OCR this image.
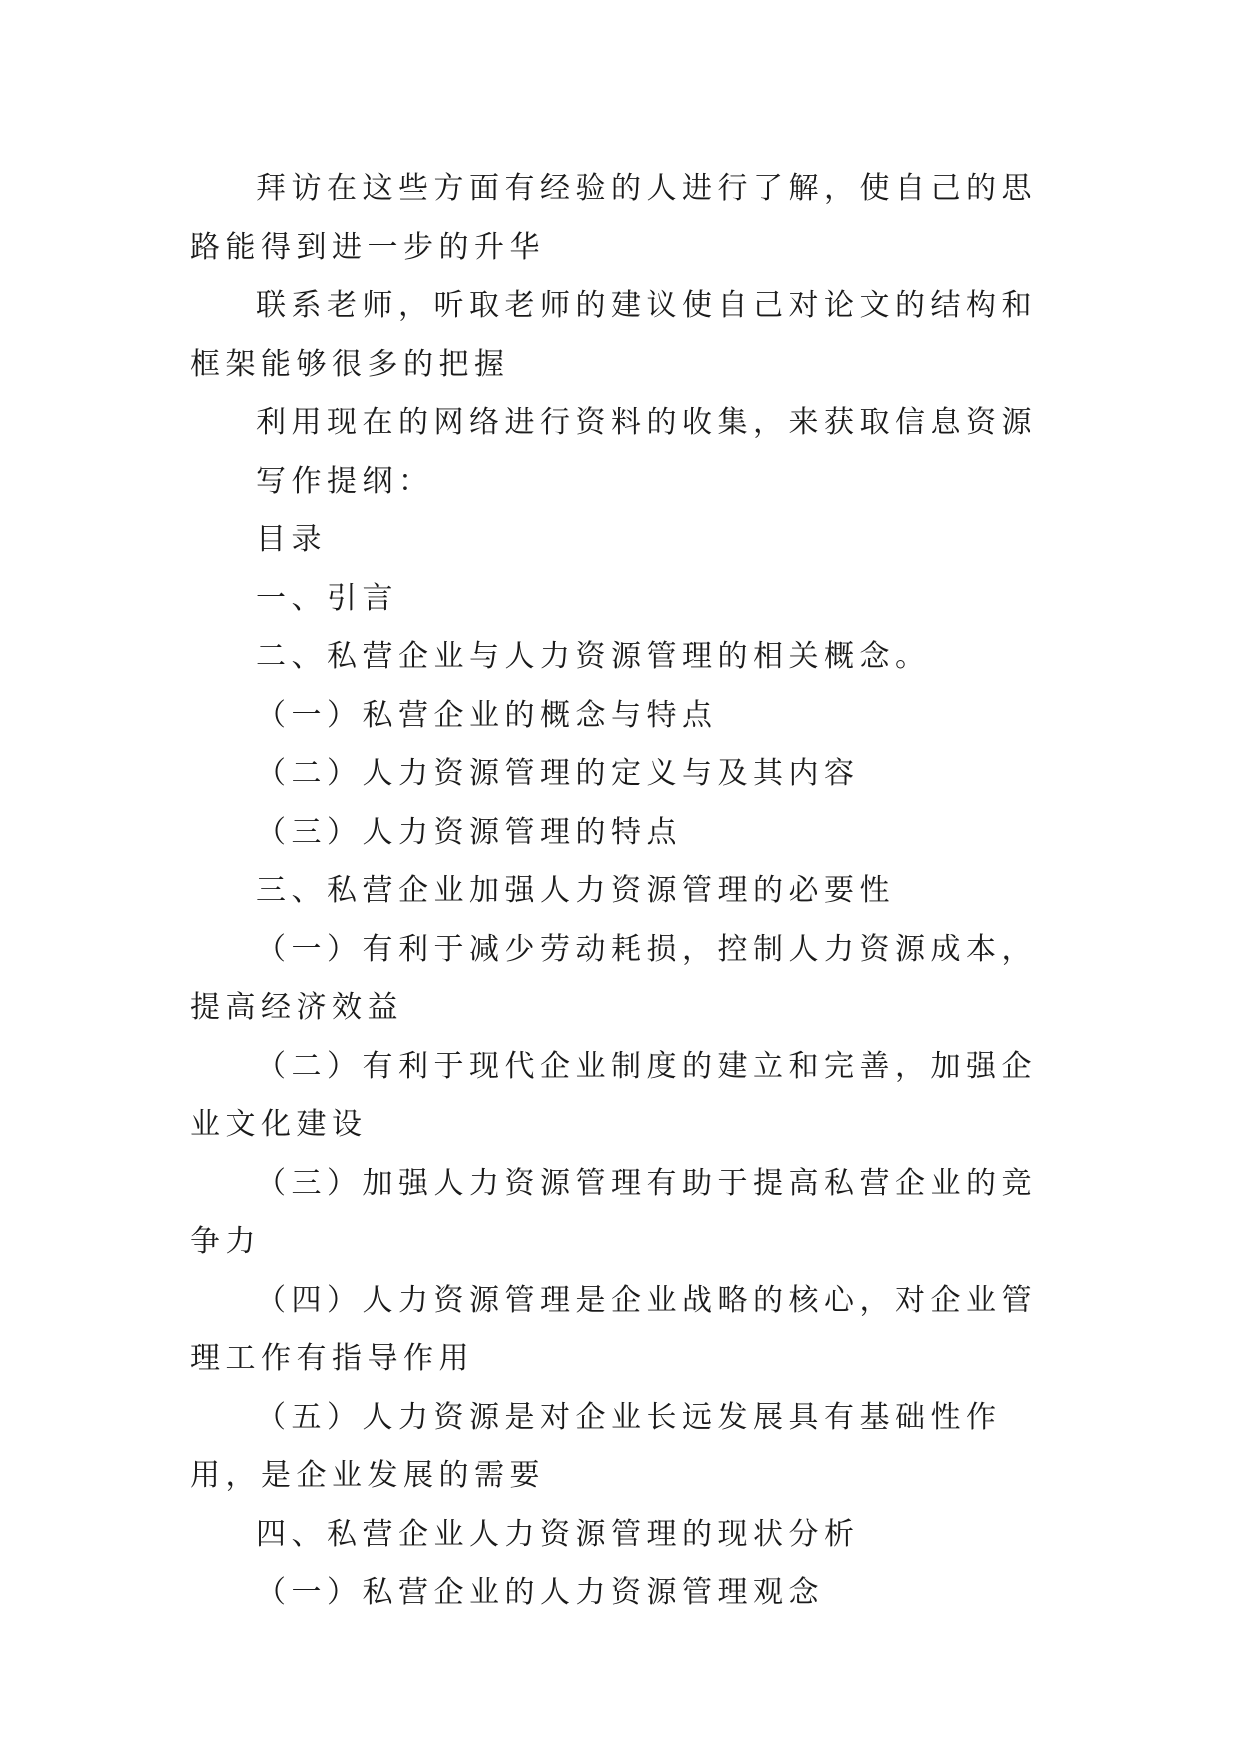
拜访在这些方面有经验的人进行了解，使自己的思路能得到进一步的升华

联系老师，听取老师的建议使自己对论文的结构和框架能够很多的把握

利用现在的网络进行资料的收集，来获取信息资源

写作提纲：

目录

一、引言

二、私营企业与人力资源管理的相关概念。

（一）私营企业的概念与特点

（二）人力资源管理的定义与及其内容

（三）人力资源管理的特点

三、私营企业加强人力资源管理的必要性

（一）有利于减少劳动耗损，控制人力资源成本，提高经济效益

（二）有利于现代企业制度的建立和完善，加强企业文化建设

（三）加强人力资源管理有助于提高私营企业的竞争力

（四）人力资源管理是企业战略的核心，对企业管理工作有指导作用

（五）人力资源是对企业长远发展具有基础性作用，是企业发展的需要

四、私营企业人力资源管理的现状分析

（一）私营企业的人力资源管理观念
